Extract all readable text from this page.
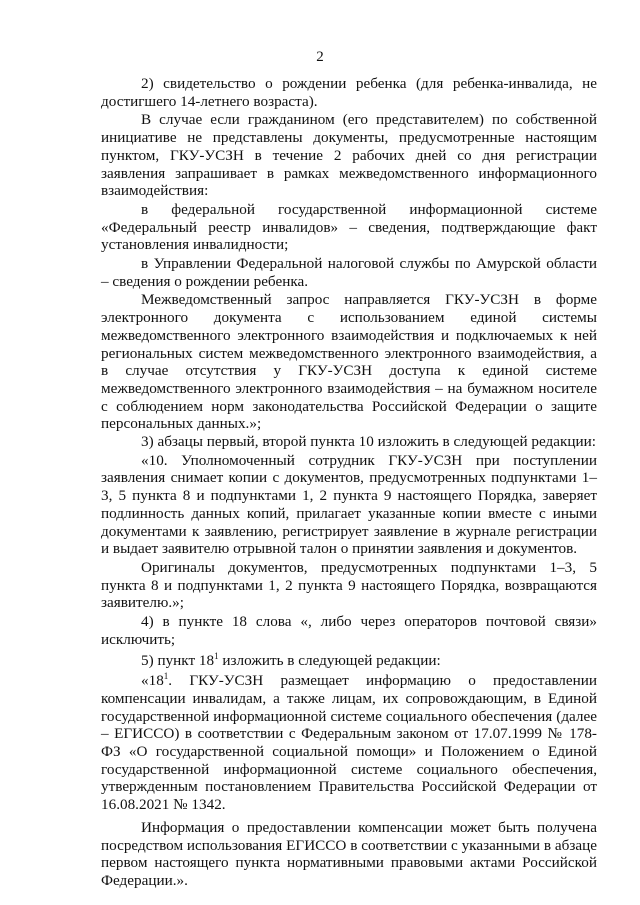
2

2) свидетельство о рождении ребенка (для ребенка-инвалида, не достигшего 14-летнего возраста).

В случае если гражданином (его представителем) по собственной инициативе не представлены документы, предусмотренные настоящим пунктом, ГКУ-УСЗН в течение 2 рабочих дней со дня регистрации заявления запрашивает в рамках межведомственного информационного взаимодействия:

в федеральной государственной информационной системе «Федеральный реестр инвалидов» – сведения, подтверждающие факт установления инвалидности;

в Управлении Федеральной налоговой службы по Амурской области – сведения о рождении ребенка.

Межведомственный запрос направляется ГКУ-УСЗН в форме электронного документа с использованием единой системы межведомственного электронного взаимодействия и подключаемых к ней региональных систем межведомственного электронного взаимодействия, а в случае отсутствия у ГКУ-УСЗН доступа к единой системе межведомственного электронного взаимодействия – на бумажном носителе с соблюдением норм законодательства Российской Федерации о защите персональных данных.»;

3) абзацы первый, второй пункта 10 изложить в следующей редакции:

«10. Уполномоченный сотрудник ГКУ-УСЗН при поступлении заявления снимает копии с документов, предусмотренных подпунктами 1–3, 5 пункта 8 и подпунктами 1, 2 пункта 9 настоящего Порядка, заверяет подлинность данных копий, прилагает указанные копии вместе с иными документами к заявлению, регистрирует заявление в журнале регистрации и выдает заявителю отрывной талон о принятии заявления и документов.

Оригиналы документов, предусмотренных подпунктами 1–3, 5 пункта 8 и подпунктами 1, 2 пункта 9 настоящего Порядка, возвращаются заявителю.»;

4) в пункте 18 слова «, либо через операторов почтовой связи» исключить;

5) пункт $18^1$ изложить в следующей редакции:

«$18^1$. ГКУ-УСЗН размещает информацию о предоставлении компенсации инвалидам, а также лицам, их сопровождающим, в Единой государственной информационной системе социального обеспечения (далее – ЕГИССО) в соответствии с Федеральным законом от 17.07.1999 № 178-ФЗ «О государственной социальной помощи» и Положением о Единой государственной информационной системе социального обеспечения, утвержденным постановлением Правительства Российской Федерации от 16.08.2021 № 1342.

Информация о предоставлении компенсации может быть получена посредством использования ЕГИССО в соответствии с указанными в абзаце первом настоящего пункта нормативными правовыми актами Российской Федерации.».
